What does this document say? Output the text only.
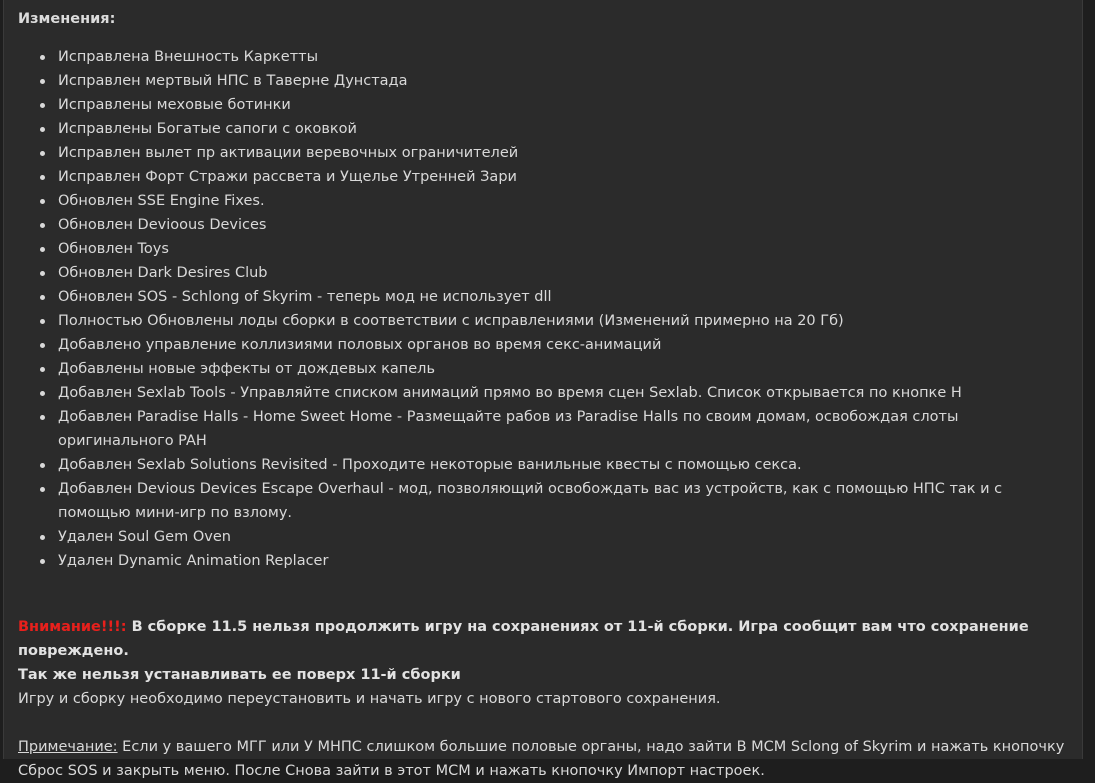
Изменения:
Исправлена Внешность Каркетты
Исправлен мертвый НПС в Таверне Дунстада
Исправлены меховые ботинки
Исправлены Богатые сапоги с оковкой
Исправлен вылет пр активации веревочных ограничителей
Исправлен Форт Стражи рассвета и Ущелье Утренней Зари
Обновлен SSE Engine Fixes.
Обновлен Devioous Devices
Обновлен Toys
Обновлен Dark Desires Club
Обновлен SOS - Schlong of Skyrim - теперь мод не использует dll
Полностью Обновлены лоды сборки в соответствии с исправлениями (Изменений примерно на 20 Гб)
Добавлено управление коллизиями половых органов во время секс-анимаций
Добавлены новые эффекты от дождевых капель
Добавлен Sexlab Tools - Управляйте списком анимаций прямо во время сцен Sexlab. Список открывается по кнопке H
Добавлен Paradise Halls - Home Sweet Home - Размещайте рабов из Paradise Halls по своим домам, освобождая слоты оригинального PAH
Добавлен Sexlab Solutions Revisited - Проходите некоторые ванильные квесты с помощью секса.
Добавлен Devious Devices Escape Overhaul - мод, позволяющий освобождать вас из устройств, как с помощью НПС так и с помощью мини-игр по взлому.
Удален Soul Gem Oven
Удален Dynamic Animation Replacer

Внимание!!!: В сборке 11.5 нельзя продолжить игру на сохранениях от 11-й сборки. Игра сообщит вам что сохранение повреждено.

Так же нельзя устанавливать ее поверх 11-й сборки

Игру и сборку необходимо переустановить и начать игру с нового стартового сохранения.

Примечание: Если у вашего МГГ или У МНПС слишком большие половые органы, надо зайти В MCM Sclong of Skyrim и нажать кнопочку Сброс SOS и закрыть меню. После Снова зайти в этот MCM и нажать кнопочку Импорт настроек.
